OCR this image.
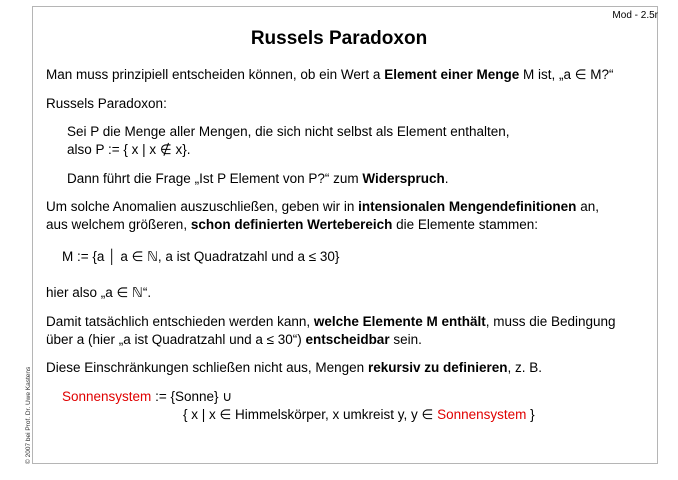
Mod - 2.5r
Russels Paradoxon
© 2007 bei Prof. Dr. Uwe Kastens
Man muss prinzipiell entscheiden können, ob ein Wert a Element einer Menge M ist, „a ∈ M?“
Russels Paradoxon:
Sei P die Menge aller Mengen, die sich nicht selbst als Element enthalten,
also P := { x | x ∉ x}.
Dann führt die Frage „Ist P Element von P?“ zum Widerspruch.
Um solche Anomalien auszuschließen, geben wir in intensionalen Mengendefinitionen an,
aus welchem größeren, schon definierten Wertebereich die Elemente stammen:
M := {a │ a ∈ ℕ, a ist Quadratzahl und a ≤ 30}
hier also „a ∈ ℕ“.
Damit tatsächlich entschieden werden kann, welche Elemente M enthält, muss die Bedingung
über a (hier „a ist Quadratzahl und a ≤ 30“) entscheidbar sein.
Diese Einschränkungen schließen nicht aus, Mengen rekursiv zu definieren, z. B.
Sonnensystem := {Sonne} ∪
{ x | x ∈ Himmelskörper, x umkreist y, y ∈ Sonnensystem }
